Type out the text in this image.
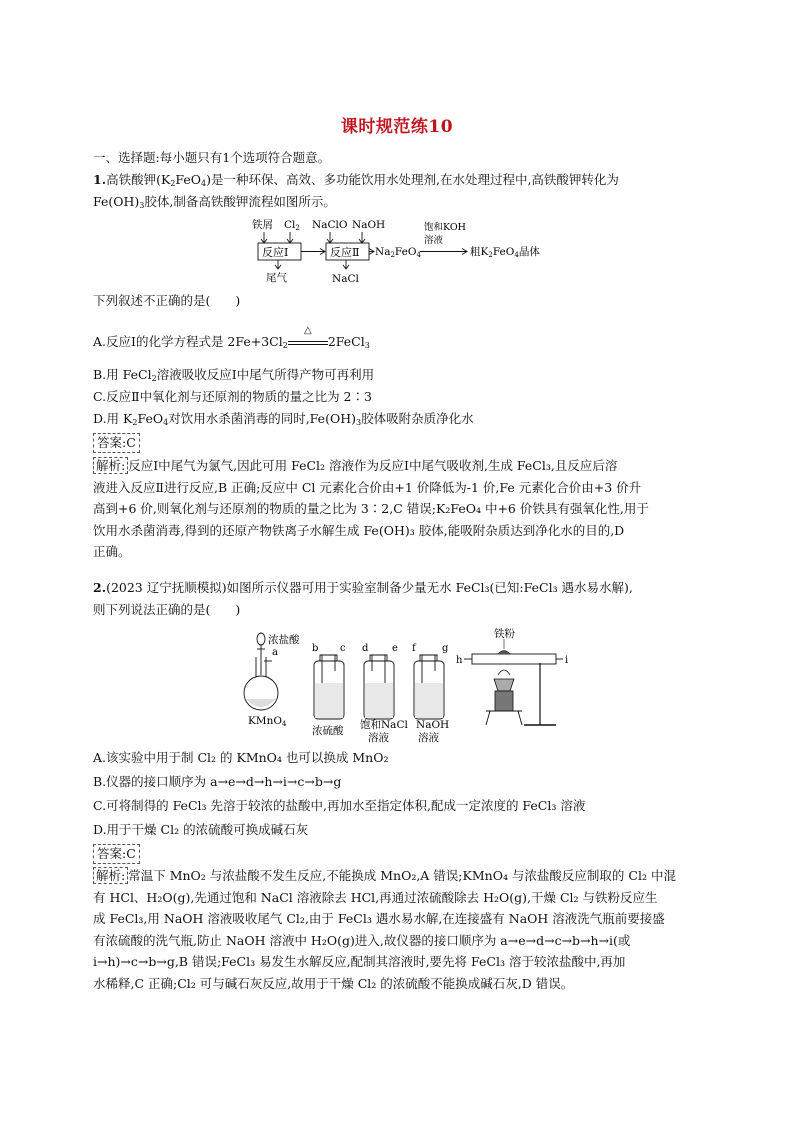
课时规范练10
一、选择题:每小题只有1个选项符合题意。
1.高铁酸钾$(K_2FeO_4)$是一种环保、高效、多功能饮用水处理剂,在水处理过程中,高铁酸钾转化为
$Fe(OH)_3$胶体,制备高铁酸钾流程如图所示。
铁屑 Cl2
反应Ⅰ
尾气
NaClO NaOH
反应Ⅱ
NaCl
Na2FeO4
饱和KOH
溶液
粗K2FeO4晶体
下列叙述不正确的是(　　)
A.反应Ⅰ的化学方程式是 $2Fe+3Cl_2$
△
2FeCl$_3$
B.用 FeCl$_2$溶液吸收反应Ⅰ中尾气所得产物可再利用
C.反应Ⅱ中氧化剂与还原剂的物质的量之比为 2∶3
D.用 $K_2FeO_4$对饮用水杀菌消毒的同时$,Fe(OH)_3$胶体吸附杂质净化水
答案:C
解析: 反应Ⅰ中尾气为氯气,因此可用 FeCl₂ 溶液作为反应Ⅰ中尾气吸收剂,生成 FeCl₃,且反应后溶
液进入反应Ⅱ进行反应,B 正确;反应中 Cl 元素化合价由+1 价降低为-1 价,Fe 元素化合价由+3 价升
高到+6 价,则氧化剂与还原剂的物质的量之比为 3∶2,C 错误;K₂FeO₄ 中+6 价铁具有强氧化性,用于
饮用水杀菌消毒,得到的还原产物铁离子水解生成 Fe(OH)₃ 胶体,能吸附杂质达到净化水的目的,D
正确。
2.(2023 辽宁抚顺模拟)如图所示仪器可用于实验室制备少量无水 FeCl₃(已知:FeCl₃ 遇水易水解),
则下列说法正确的是(　　)
浓盐酸
a
KMnO4
b c
浓硫酸
d e
饱和NaCl
溶液
f	g
NaOH
溶液
铁粉
h	i
A.该实验中用于制 Cl₂ 的 KMnO₄ 也可以换成 MnO₂
B.仪器的接口顺序为 a→e→d→h→i→c→b→g
C.可将制得的 FeCl₃ 先溶于较浓的盐酸中,再加水至指定体积,配成一定浓度的 FeCl₃ 溶液
D.用于干燥 Cl₂ 的浓硫酸可换成碱石灰
答案:C
解析: 常温下 MnO₂ 与浓盐酸不发生反应,不能换成 MnO₂,A 错误;KMnO₄ 与浓盐酸反应制取的 Cl₂ 中混
有 HCl、H₂O(g),先通过饱和 NaCl 溶液除去 HCl,再通过浓硫酸除去 H₂O(g),干燥 Cl₂ 与铁粉反应生
成 FeCl₃,用 NaOH 溶液吸收尾气 Cl₂,由于 FeCl₃ 遇水易水解,在连接盛有 NaOH 溶液洗气瓶前要接盛
有浓硫酸的洗气瓶,防止 NaOH 溶液中 H₂O(g)进入,故仪器的接口顺序为 a→e→d→c→b→h→i(或
i→h)→c→b→g,B 错误;FeCl₃ 易发生水解反应,配制其溶液时,要先将 FeCl₃ 溶于较浓盐酸中,再加
水稀释,C 正确;Cl₂ 可与碱石灰反应,故用于干燥 Cl₂ 的浓硫酸不能换成碱石灰,D 错误。
